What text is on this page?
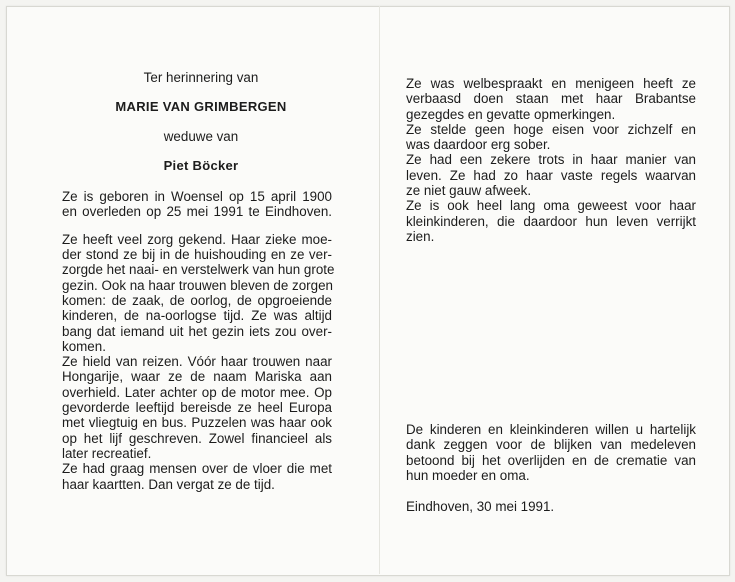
Ter herinnering van

MARIE VAN GRIMBERGEN

weduwe van

Piet Böcker

Ze is geboren in Woensel op 15 april 1900

en overleden op 25 mei 1991 te Eindhoven.

Ze heeft veel zorg gekend. Haar zieke moe-

der stond ze bij in de huishouding en ze ver-

zorgde het naai- en verstelwerk van hun grote

gezin. Ook na haar trouwen bleven de zorgen

komen: de zaak, de oorlog, de opgroeiende

kinderen, de na-oorlogse tijd. Ze was altijd

bang dat iemand uit het gezin iets zou over-

komen.

Ze hield van reizen. Vóór haar trouwen naar

Hongarije, waar ze de naam Mariska aan

overhield. Later achter op de motor mee. Op

gevorderde leeftijd bereisde ze heel Europa

met vliegtuig en bus. Puzzelen was haar ook

op het lijf geschreven. Zowel financieel als

later recreatief.

Ze had graag mensen over de vloer die met

haar kaartten. Dan vergat ze de tijd.

Ze was welbespraakt en menigeen heeft ze

verbaasd doen staan met haar Brabantse

gezegdes en gevatte opmerkingen.

Ze stelde geen hoge eisen voor zichzelf en

was daardoor erg sober.

Ze had een zekere trots in haar manier van

leven. Ze had zo haar vaste regels waarvan

ze niet gauw afweek.

Ze is ook heel lang oma geweest voor haar

kleinkinderen, die daardoor hun leven verrijkt

zien.

De kinderen en kleinkinderen willen u hartelijk

dank zeggen voor de blijken van medeleven

betoond bij het overlijden en de crematie van

hun moeder en oma.

Eindhoven, 30 mei 1991.
